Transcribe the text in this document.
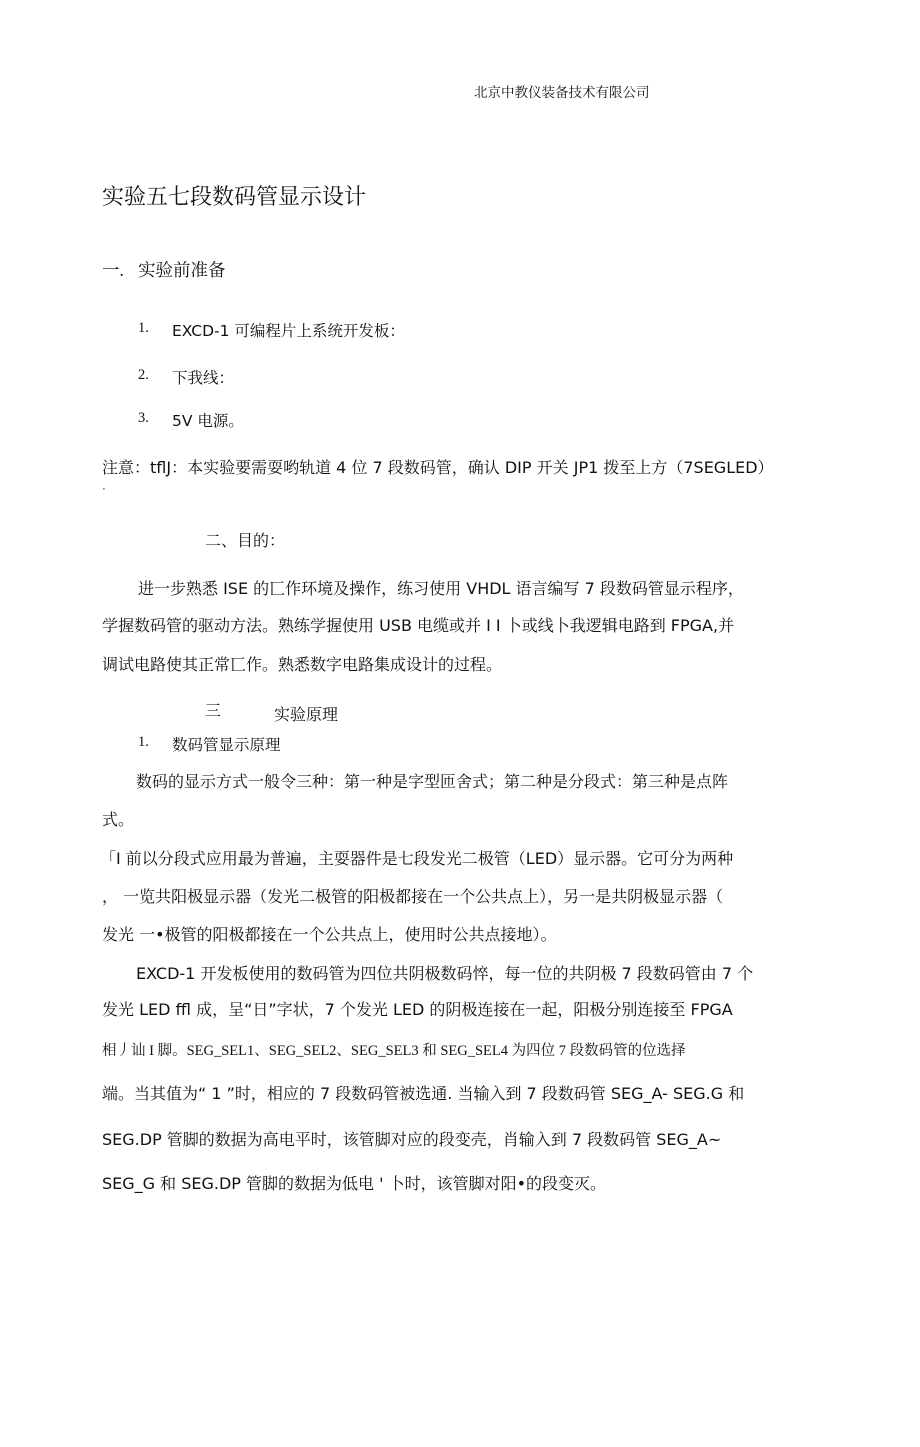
北京中教仪装备技术有限公司
实验五七段数码管显示设计
一. 实验前准备
1. EXCD-1 可编程片上系统开发板：
2. 下我线：
3. 5V 电源。
注意：tflJ：本实验要需耍哟轨道 4 位 7 段数码管，确认 DIP 开关 JP1 拨至上方（7SEGLED）
·
二、目的：
进一步熟悉 ISE 的匸作环境及操作，练习使用 VHDL 语言编写 7 段数码管显示程序，
学握数码管的驱动方法。熟练学握使用 USB 电缆或并 I I 卜或线卜我逻辑电路到 FPGA,并
调试电路使其正常匸作。熟悉数字电路集成设计的过程。
三	实验原理
1. 数码管显示原理
数码的显示方式一般令三种：第一种是字型匝舍式；第二种是分段式：第三种是点阵
式。
「I 前以分段式应用最为普遍，主耍器件是七段发光二极管（LED）显示器。它可分为两种
， 一览共阳极显示器（发光二极管的阳极都接在一个公共点上），另一是共阴极显示器（
发光 一•极管的阳极都接在一个公共点上，使用时公共点接地）。
EXCD-1 开发板使用的数码管为四位共阴极数码悴，每一位的共阴极 7 段数码管由 7 个
发光 LED ffl 成，呈“日”字状，7 个发光 LED 的阴极连接在一起，阳极分别连接至 FPGA
相丿讪 I 脚。SEG_SEL1、SEG_SEL2、SEG_SEL3 和 SEG_SEL4 为四位 7 段数码管的位选择
端。当其值为“ 1 ”时，相应的 7 段数码管被选通. 当输入到 7 段数码管 SEG_A- SEG.G 和
SEG.DP 管脚的数据为高电平时，该管脚对应的段变壳，肖输入到 7 段数码管 SEG_A~
SEG_G 和 SEG.DP 管脚的数据为低电 ' 卜时，该管脚对阳•的段变灭。
